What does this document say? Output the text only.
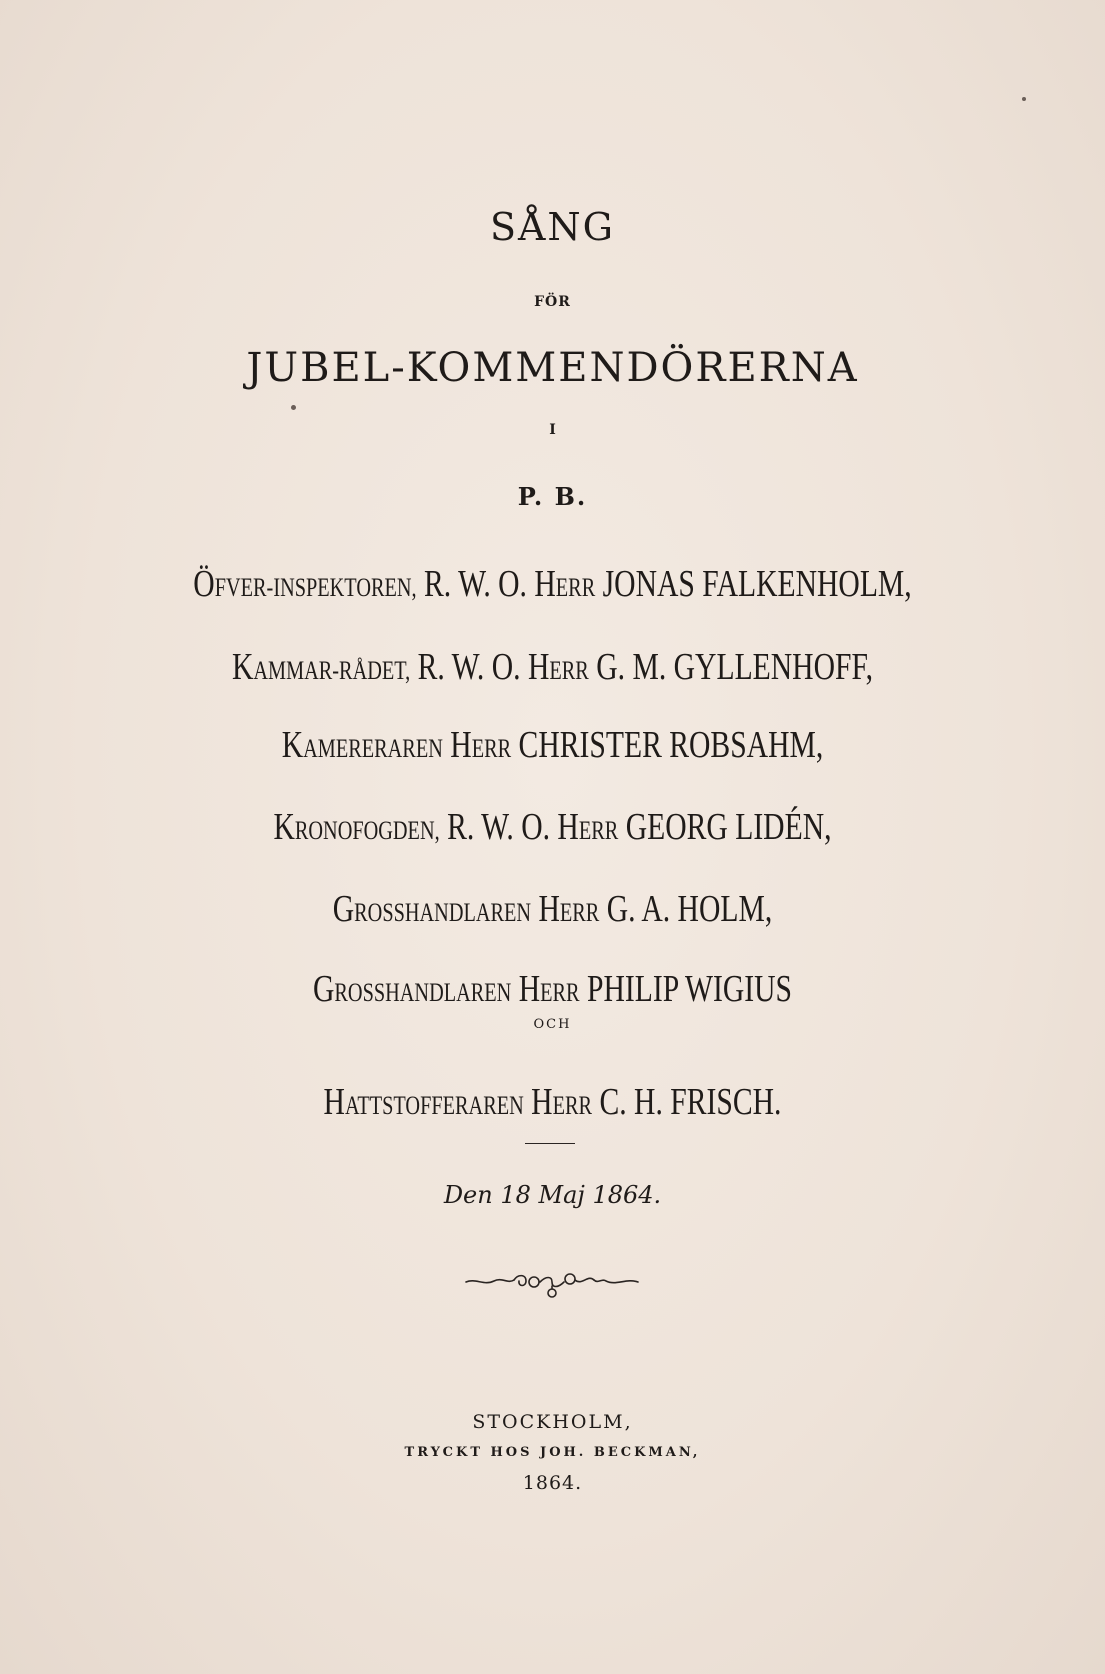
SÅNG
FÖR
JUBEL-KOMMENDÖRERNA
I
P. B.
ÖFVER-INSPEKTOREN, R. W. O. HERR JONAS FALKENHOLM,
KAMMAR-RÅDET, R. W. O. HERR G. M. GYLLENHOFF,
KAMERERAREN HERR CHRISTER ROBSAHM,
KRONOFOGDEN, R. W. O. HERR GEORG LIDÉN,
GROSSHANDLAREN HERR G. A. HOLM,
GROSSHANDLAREN HERR PHILIP WIGIUS
OCH
HATTSTOFFERAREN HERR C. H. FRISCH.
Den 18 Maj 1864.
STOCKHOLM,
TRYCKT HOS JOH. BECKMAN,
1864.
